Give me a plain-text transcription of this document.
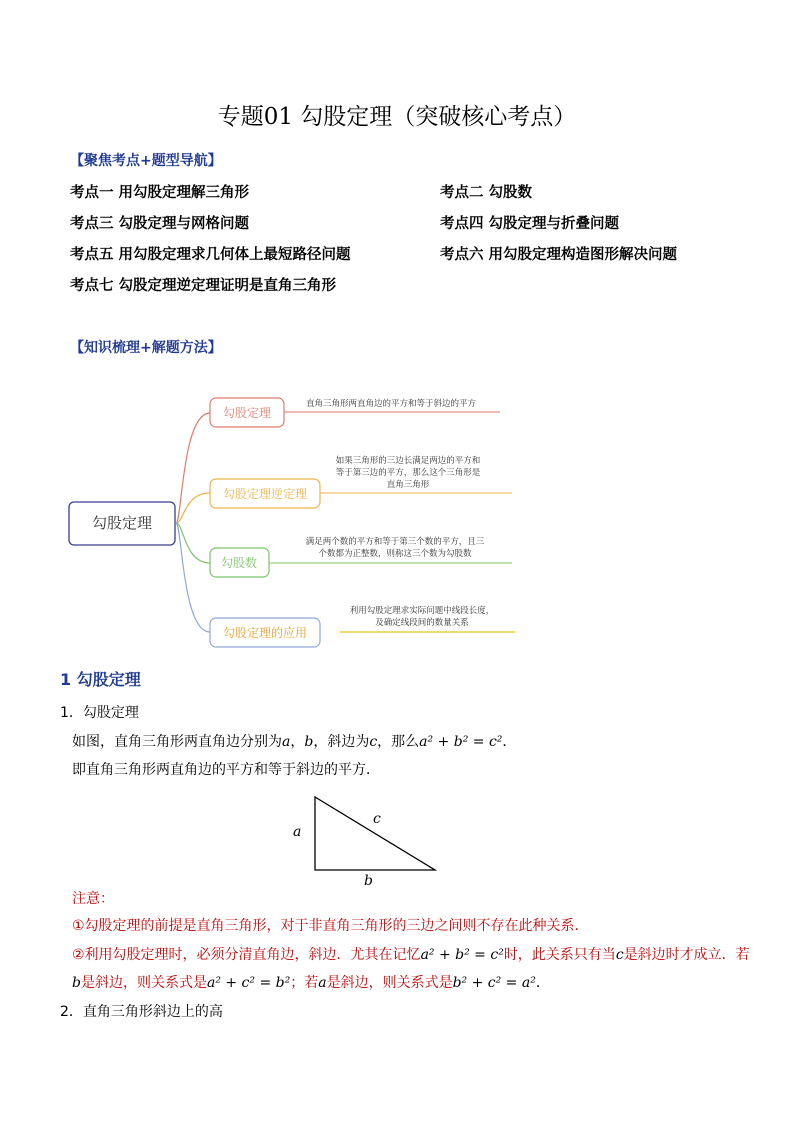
专题01 勾股定理（突破核心考点）
【聚焦考点+题型导航】
考点一 用勾股定理解三角形	考点二 勾股数
考点三 勾股定理与网格问题	考点四 勾股定理与折叠问题
考点五 用勾股定理求几何体上最短路径问题	考点六 用勾股定理构造图形解决问题
考点七 勾股定理逆定理证明是直角三角形
【知识梳理+解题方法】
勾股定理
勾股定理
直角三角形两直角边的平方和等于斜边的平方
勾股定理逆定理
如果三角形的三边长满足两边的平方和
等于第三边的平方，那么这个三角形是
直角三角形
勾股数
满足两个数的平方和等于第三个数的平方，且三
个数都为正整数，则称这三个数为勾股数
勾股定理的应用
利用勾股定理求实际问题中线段长度，
及确定线段间的数量关系
1 勾股定理
1．勾股定理
如图，直角三角形两直角边分别为a，b，斜边为c，那么a² + b² = c²．
即直角三角形两直角边的平方和等于斜边的平方．
a
c
b
注意：
①勾股定理的前提是直角三角形，对于非直角三角形的三边之间则不存在此种关系．
②利用勾股定理时，必须分清直角边，斜边．尤其在记忆a² + b² = c²时，此关系只有当c是斜边时才成立．若
b是斜边，则关系式是a² + c² = b²；若a是斜边，则关系式是b² + c² = a²．
2．直角三角形斜边上的高
